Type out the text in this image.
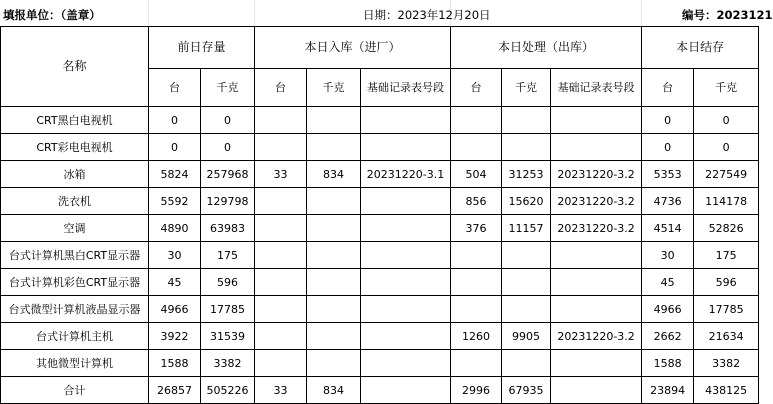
填报单位：（盖章）	日期：2023年12月20日	编号：2023121
名称	前日存量		本日入库（进厂）			本日处理（出库）			本日结存	
	台	千克	台	千克	基础记录表号段	台	千克	基础记录表号段	台	千克
CRT黑白电视机	0	0							0	0
CRT彩电电视机	0	0							0	0
冰箱	5824	257968	33	834	20231220-3.1	504	31253	20231220-3.2	5353	227549
洗衣机	5592	129798				856	15620	20231220-3.2	4736	114178
空调	4890	63983				376	11157	20231220-3.2	4514	52826
台式计算机黑白CRT显示器	30	175							30	175
台式计算机彩色CRT显示器	45	596							45	596
台式微型计算机液晶显示器	4966	17785							4966	17785
台式计算机主机	3922	31539				1260	9905	20231220-3.2	2662	21634
其他微型计算机	1588	3382							1588	3382
合计	26857	505226	33	834		2996	67935		23894	438125
